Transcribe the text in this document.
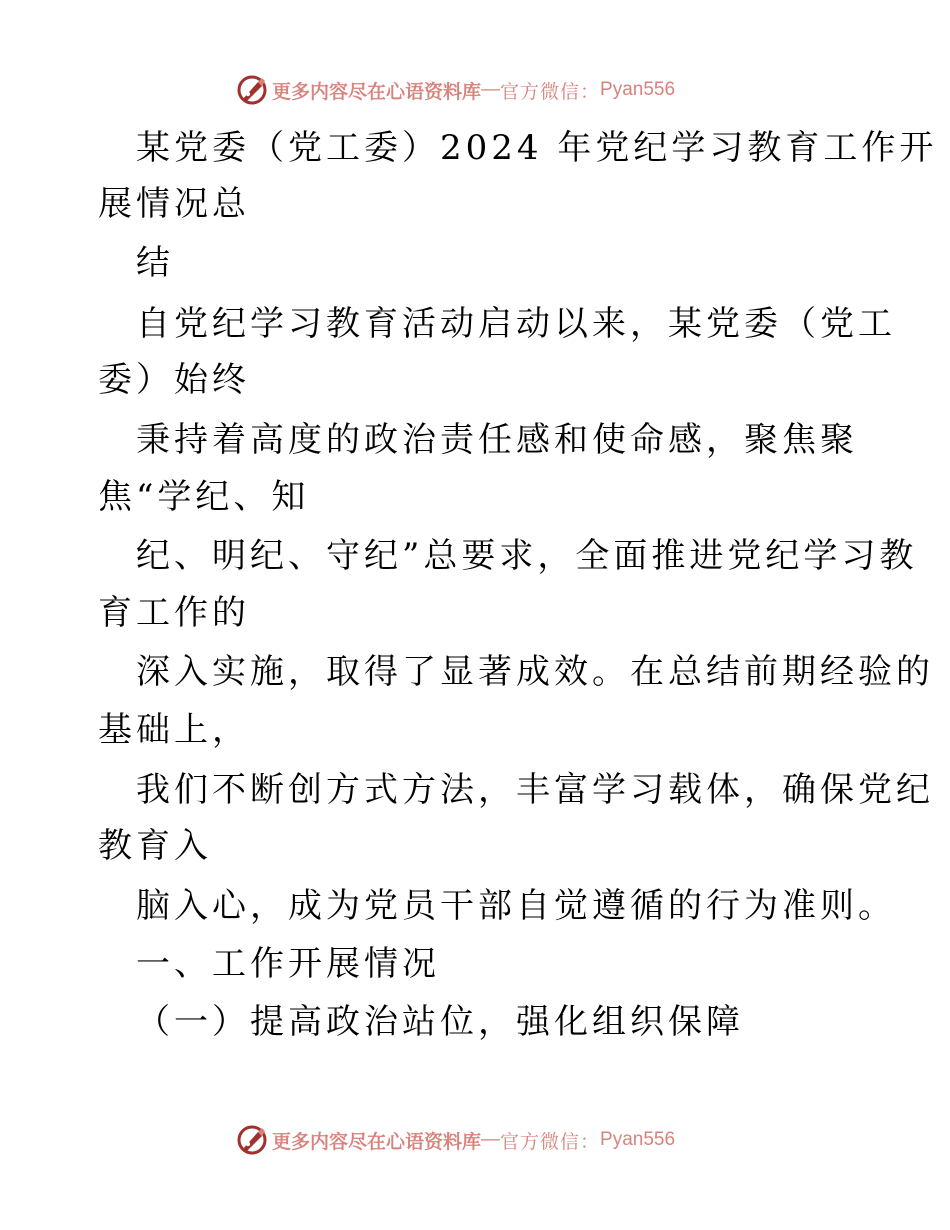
更多内容尽在心语资料库 — 官方微信： Pyan556
某党委（党工委）2024 年党纪学习教育工作开
展情况总
结
自党纪学习教育活动启动以来，某党委（党工
委）始终
秉持着高度的政治责任感和使命感，聚焦聚
焦“学纪、知
纪、明纪、守纪”总要求，全面推进党纪学习教
育工作的
深入实施，取得了显著成效。在总结前期经验的
基础上，
我们不断创方式方法，丰富学习载体，确保党纪
教育入
脑入心，成为党员干部自觉遵循的行为准则。
一、工作开展情况
（一）提高政治站位，强化组织保障
更多内容尽在心语资料库 — 官方微信： Pyan556
